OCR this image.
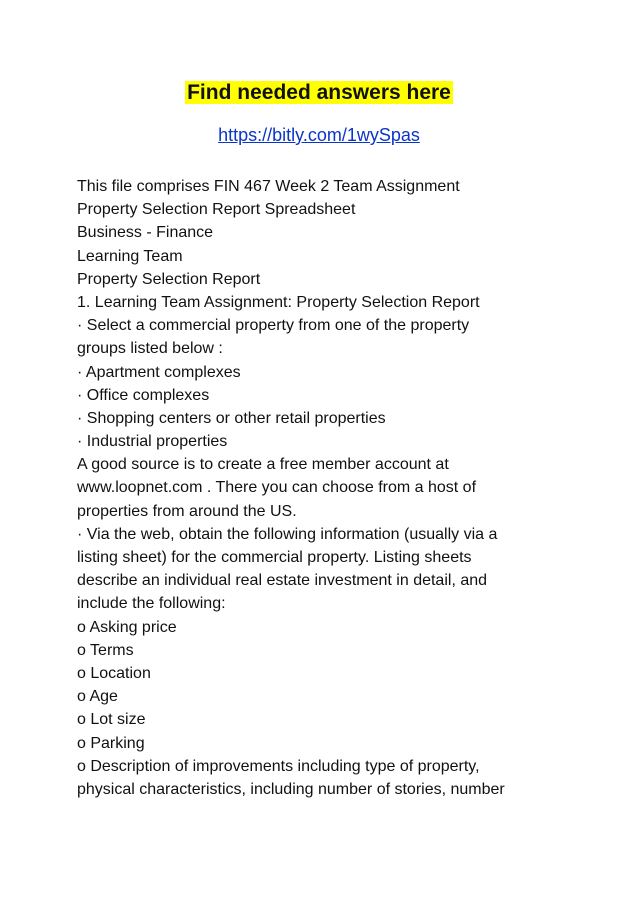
Find needed answers here
https://bitly.com/1wySpas
This file comprises FIN 467 Week 2 Team Assignment
Property Selection Report Spreadsheet
Business - Finance
Learning Team
Property Selection Report
1. Learning Team Assignment: Property Selection Report
· Select a commercial property from one of the property
groups listed below :
· Apartment complexes
· Office complexes
· Shopping centers or other retail properties
· Industrial properties
A good source is to create a free member account at
www.loopnet.com . There you can choose from a host of
properties from around the US.
· Via the web, obtain the following information (usually via a
listing sheet) for the commercial property. Listing sheets
describe an individual real estate investment in detail, and
include the following:
o Asking price
o Terms
o Location
o Age
o Lot size
o Parking
o Description of improvements including type of property,
physical characteristics, including number of stories, number
